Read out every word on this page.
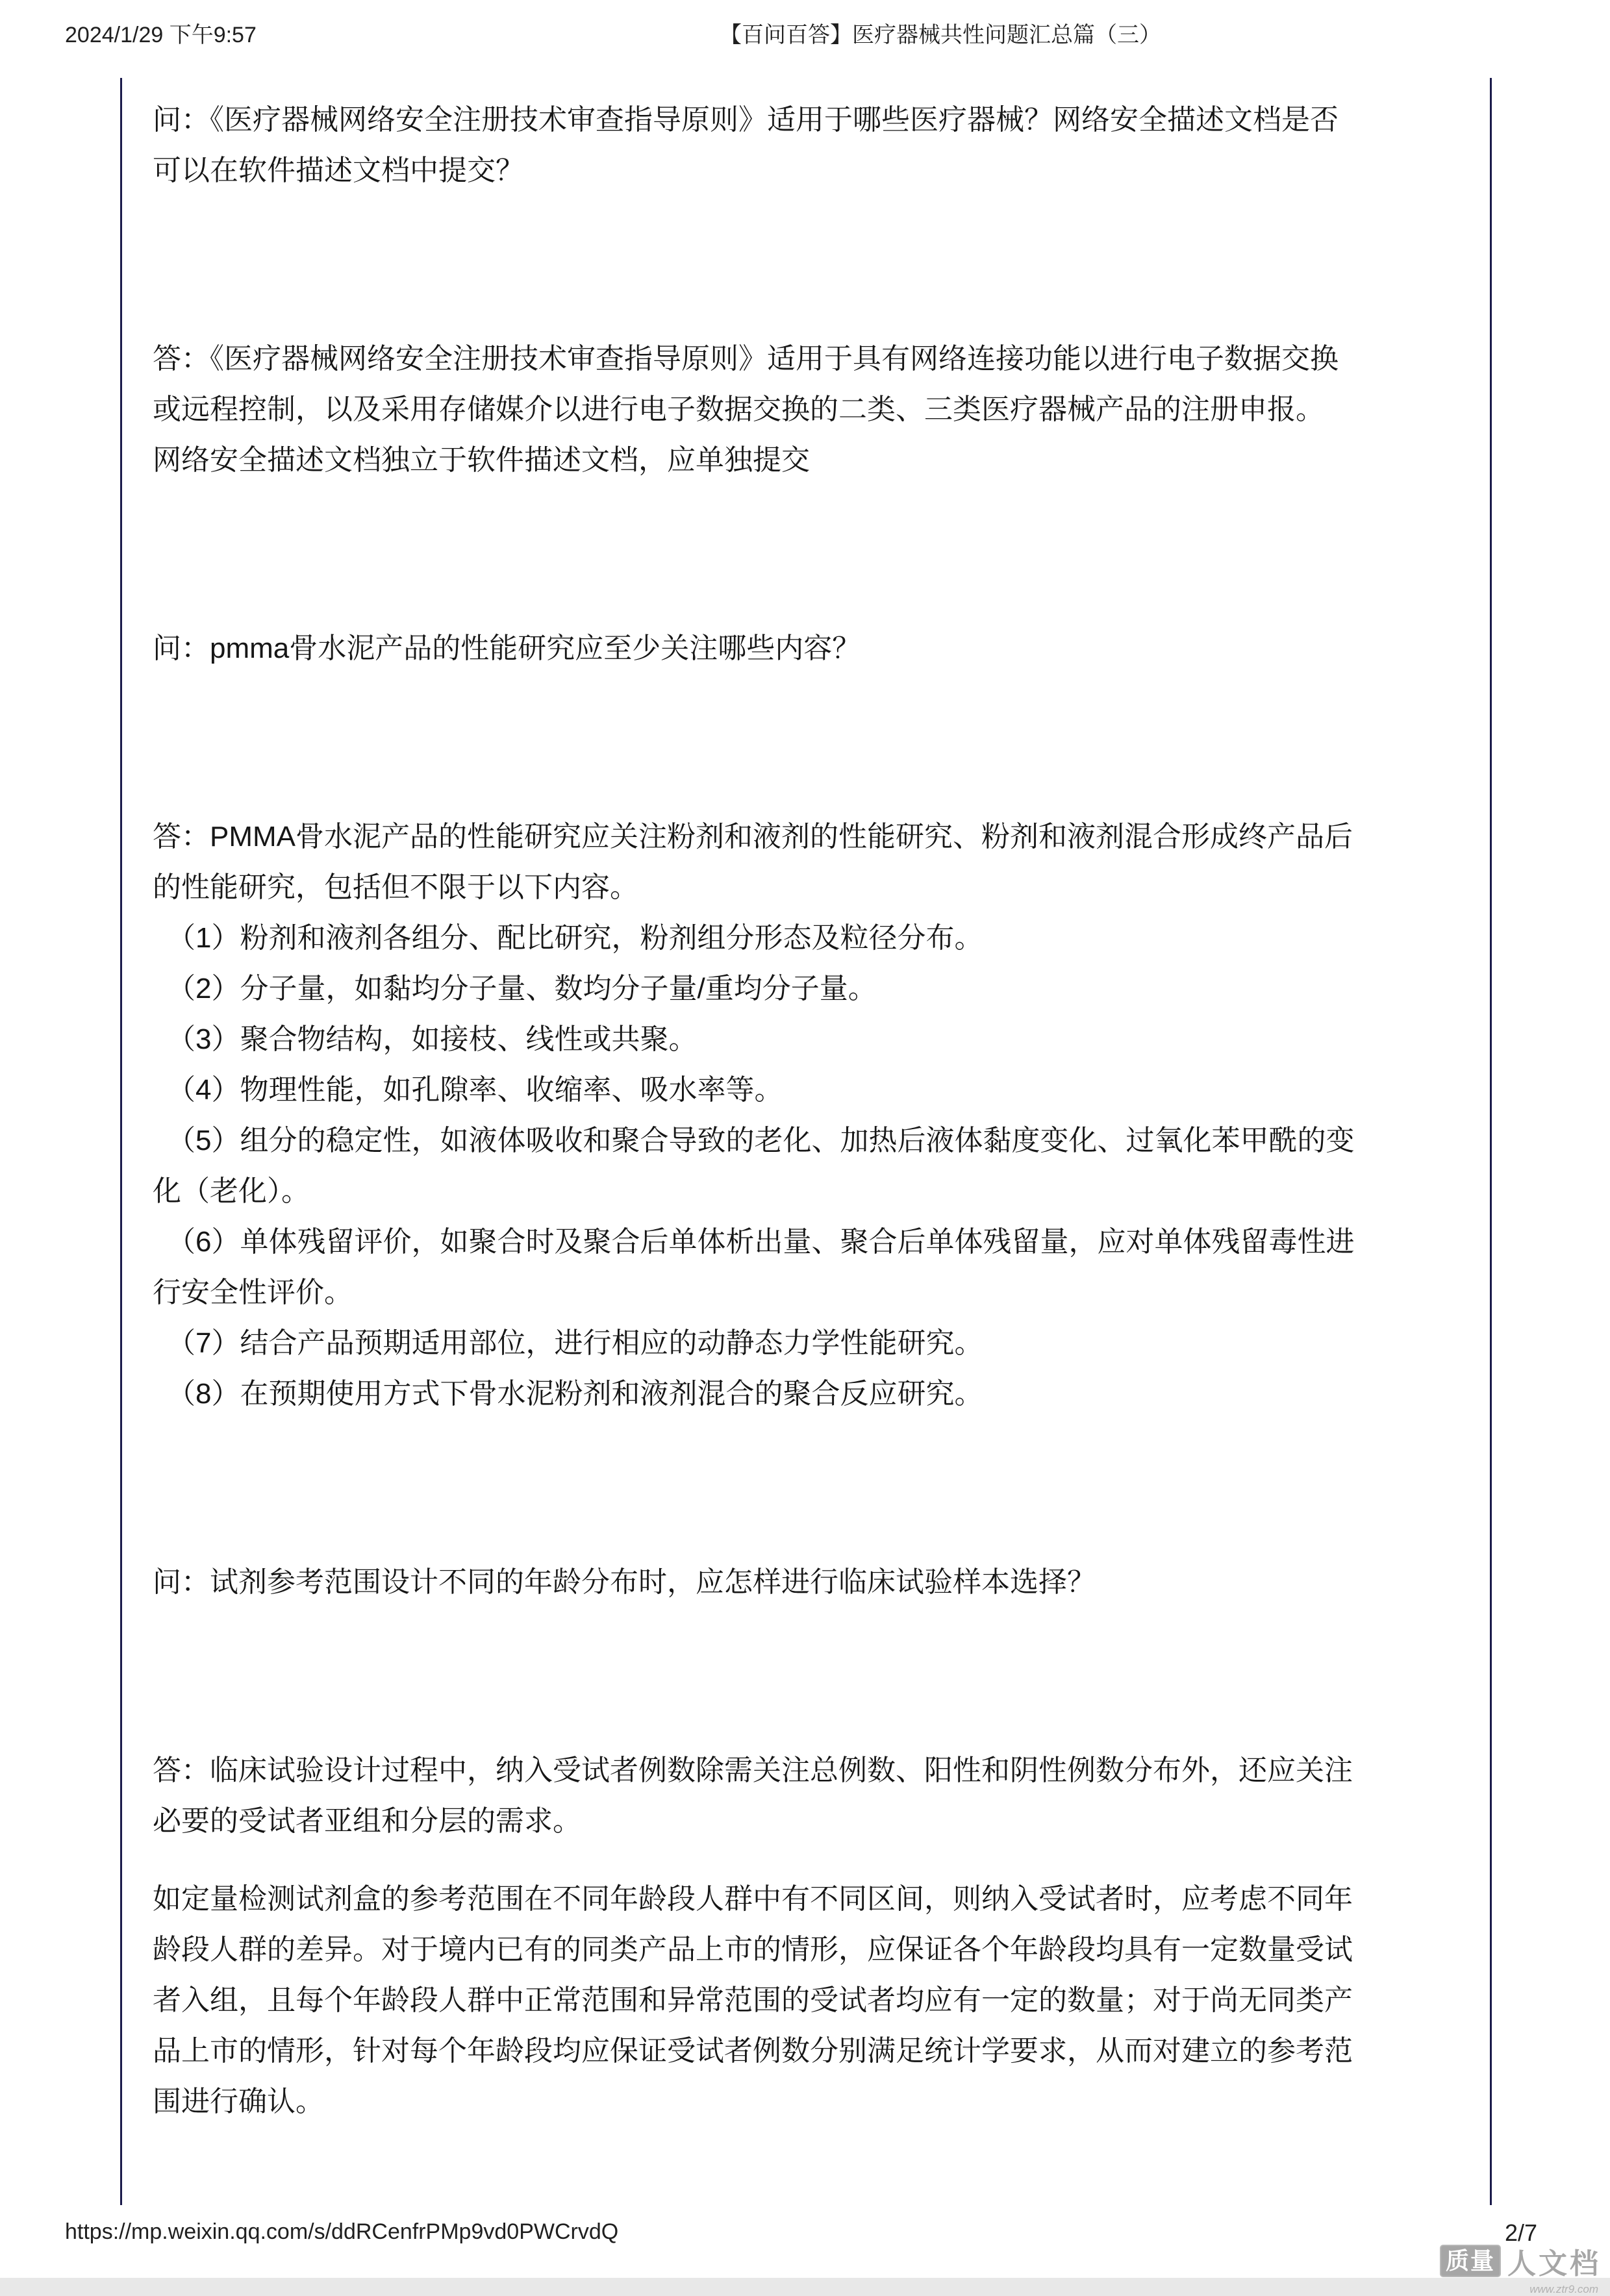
2024/1/29 下午9:57	【百问百答】医疗器械共性问题汇总篇（三）
问：《医疗器械网络安全注册技术审查指导原则》适用于哪些医疗器械？网络安全描述文档是否
可以在软件描述文档中提交？
答：《医疗器械网络安全注册技术审查指导原则》适用于具有网络连接功能以进行电子数据交换
或远程控制，以及采用存储媒介以进行电子数据交换的二类、三类医疗器械产品的注册申报。
网络安全描述文档独立于软件描述文档，应单独提交
问：pmma骨水泥产品的性能研究应至少关注哪些内容？
答：PMMA骨水泥产品的性能研究应关注粉剂和液剂的性能研究、粉剂和液剂混合形成终产品后
的性能研究，包括但不限于以下内容。
（1）粉剂和液剂各组分、配比研究，粉剂组分形态及粒径分布。
（2）分子量，如黏均分子量、数均分子量/重均分子量。
（3）聚合物结构，如接枝、线性或共聚。
（4）物理性能，如孔隙率、收缩率、吸水率等。
（5）组分的稳定性，如液体吸收和聚合导致的老化、加热后液体黏度变化、过氧化苯甲酰的变
化（老化）。
（6）单体残留评价，如聚合时及聚合后单体析出量、聚合后单体残留量，应对单体残留毒性进
行安全性评价。
（7）结合产品预期适用部位，进行相应的动静态力学性能研究。
（8）在预期使用方式下骨水泥粉剂和液剂混合的聚合反应研究。
问：试剂参考范围设计不同的年龄分布时，应怎样进行临床试验样本选择？
答：临床试验设计过程中，纳入受试者例数除需关注总例数、阳性和阴性例数分布外，还应关注
必要的受试者亚组和分层的需求。
如定量检测试剂盒的参考范围在不同年龄段人群中有不同区间，则纳入受试者时，应考虑不同年
龄段人群的差异。对于境内已有的同类产品上市的情形，应保证各个年龄段均具有一定数量受试
者入组，且每个年龄段人群中正常范围和异常范围的受试者均应有一定的数量；对于尚无同类产
品上市的情形，针对每个年龄段均应保证受试者例数分别满足统计学要求，从而对建立的参考范
围进行确认。
https://mp.weixin.qq.com/s/ddRCenfrPMp9vd0PWCrvdQ	2/7
质量 人文档
www.ztr9.com
